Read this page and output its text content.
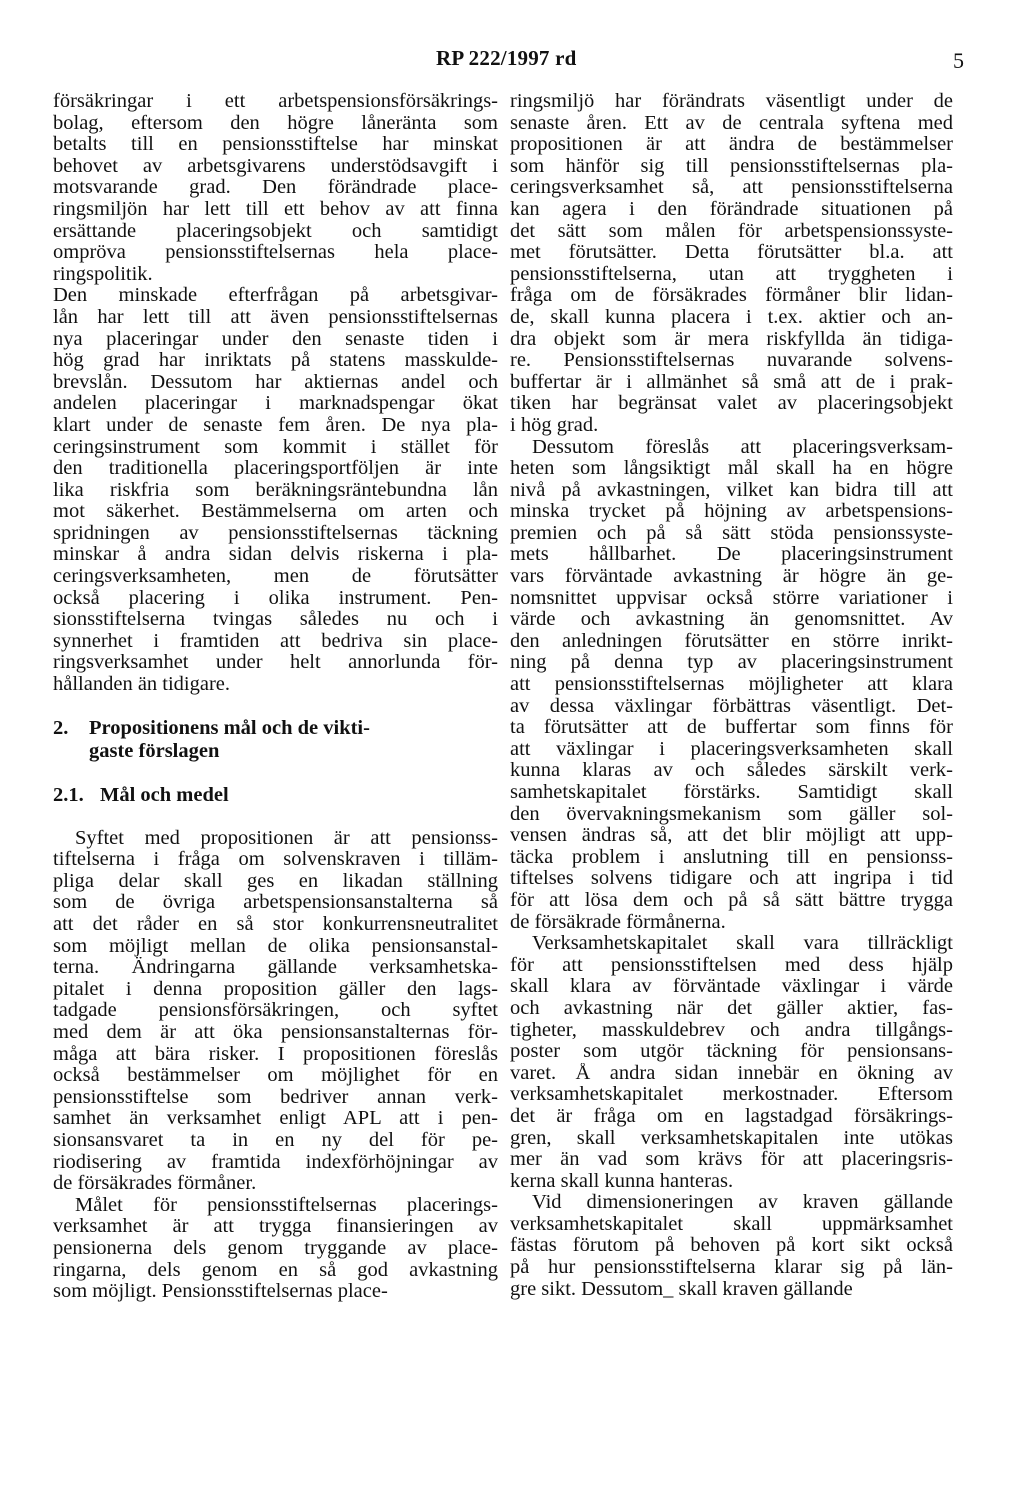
RP 222/1997 rd	5
försäkringar i ett arbetspensionsförsäkrings-
bolag, eftersom den högre låneränta som
betalts till en pensionsstiftelse har minskat
behovet av arbetsgivarens understödsavgift i
motsvarande grad. Den förändrade place-
ringsmiljön har lett till ett behov av att finna
ersättande placeringsobjekt och samtidigt
ompröva pensionsstiftelsernas hela place-
ringspolitik.
Den minskade efterfrågan på arbetsgivar-
lån har lett till att även pensionsstiftelsernas
nya placeringar under den senaste tiden i
hög grad har inriktats på statens masskulde-
brevslån. Dessutom har aktiernas andel och
andelen placeringar i marknadspengar ökat
klart under de senaste fem åren. De nya pla-
ceringsinstrument som kommit i stället för
den traditionella placeringsportföljen är inte
lika riskfria som beräkningsräntebundna lån
mot säkerhet. Bestämmelserna om arten och
spridningen av pensionsstiftelsernas täckning
minskar å andra sidan delvis riskerna i pla-
ceringsverksamheten, men de förutsätter
också placering i olika instrument. Pen-
sionsstiftelserna tvingas således nu och i
synnerhet i framtiden att bedriva sin place-
ringsverksamhet under helt annorlunda för-
hållanden än tidigare.
2.	Propositionens mål och de vikti-
gaste förslagen
2.1. Mål och medel
Syftet med propositionen är att pensionss-
tiftelserna i fråga om solvenskraven i tilläm-
pliga delar skall ges en likadan ställning
som de övriga arbetspensionsanstalterna så
att det råder en så stor konkurrensneutralitet
som möjligt mellan de olika pensionsanstal-
terna. Ändringarna gällande verksamhetska-
pitalet i denna proposition gäller den lags-
tadgade pensionsförsäkringen, och syftet
med dem är att öka pensionsanstalternas för-
måga att bära risker. I propositionen föreslås
också bestämmelser om möjlighet för en
pensionsstiftelse som bedriver annan verk-
samhet än verksamhet enligt APL att i pen-
sionsansvaret ta in en ny del för pe-
riodisering av framtida indexförhöjningar av
de försäkrades förmåner.
Målet för pensionsstiftelsernas placerings-
verksamhet är att trygga finansieringen av
pensionerna dels genom tryggande av place-
ringarna, dels genom en så god avkastning
som möjligt. Pensionsstiftelsernas place-
ringsmiljö har förändrats väsentligt under de
senaste åren. Ett av de centrala syftena med
propositionen är att ändra de bestämmelser
som hänför sig till pensionsstiftelsernas pla-
ceringsverksamhet så, att pensionsstiftelserna
kan agera i den förändrade situationen på
det sätt som målen för arbetspensionssyste-
met förutsätter. Detta förutsätter bl.a. att
pensionsstiftelserna, utan att tryggheten i
fråga om de försäkrades förmåner blir lidan-
de, skall kunna placera i t.ex. aktier och an-
dra objekt som är mera riskfyllda än tidiga-
re. Pensionsstiftelsernas nuvarande solvens-
buffertar är i allmänhet så små att de i prak-
tiken har begränsat valet av placeringsobjekt
i hög grad.
Dessutom föreslås att placeringsverksam-
heten som långsiktigt mål skall ha en högre
nivå på avkastningen, vilket kan bidra till att
minska trycket på höjning av arbetspensions-
premien och på så sätt stöda pensionssyste-
mets hållbarhet. De placeringsinstrument
vars förväntade avkastning är högre än ge-
nomsnittet uppvisar också större variationer i
värde och avkastning än genomsnittet. Av
den anledningen förutsätter en större inrikt-
ning på denna typ av placeringsinstrument
att pensionsstiftelsernas möjligheter att klara
av dessa växlingar förbättras väsentligt. Det-
ta förutsätter att de buffertar som finns för
att växlingar i placeringsverksamheten skall
kunna klaras av och således särskilt verk-
samhetskapitalet förstärks. Samtidigt skall
den övervakningsmekanism som gäller sol-
vensen ändras så, att det blir möjligt att upp-
täcka problem i anslutning till en pensionss-
tiftelses solvens tidigare och att ingripa i tid
för att lösa dem och på så sätt bättre trygga
de försäkrade förmånerna.
Verksamhetskapitalet skall vara tillräckligt
för att pensionsstiftelsen med dess hjälp
skall klara av förväntade växlingar i värde
och avkastning när det gäller aktier, fas-
tigheter, masskuldebrev och andra tillgångs-
poster som utgör täckning för pensionsans-
varet. Å andra sidan innebär en ökning av
verksamhetskapitalet merkostnader. Eftersom
det är fråga om en lagstadgad försäkrings-
gren, skall verksamhetskapitalen inte utökas
mer än vad som krävs för att placeringsris-
kerna skall kunna hanteras.
Vid dimensioneringen av kraven gällande
verksamhetskapitalet skall uppmärksamhet
fästas förutom på behoven på kort sikt också
på hur pensionsstiftelserna klarar sig på län-
gre sikt. Dessutom_ skall kraven gällande
